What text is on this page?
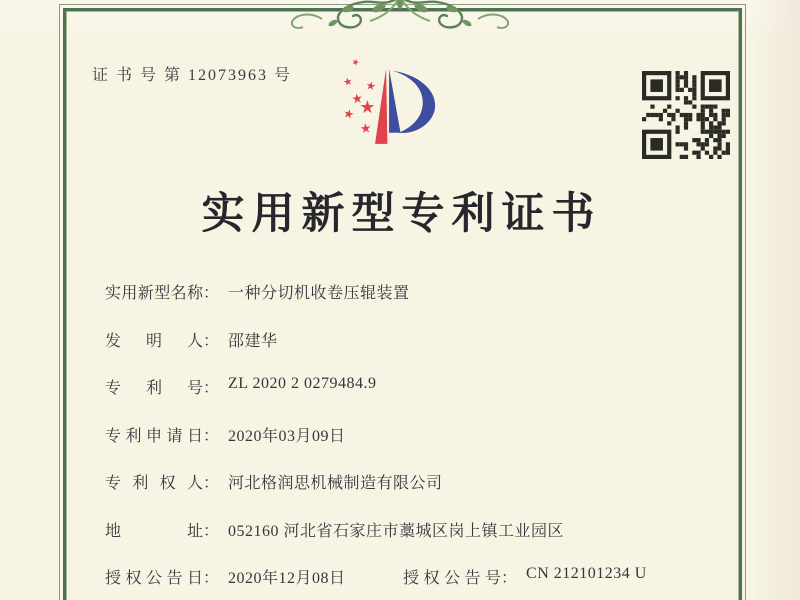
证 书 号 第 12073963 号
实用新型专利证书
实用新型名称： 一种分切机收卷压辊装置
发明人： 邵建华
专利号： ZL 2020 2 0279484.9
专利申请日： 2020年03月09日
专利权人： 河北格润思机械制造有限公司
地址： 052160 河北省石家庄市藁城区岗上镇工业园区
授权公告日： 2020年12月08日	授权公告号： CN 212101234 U
